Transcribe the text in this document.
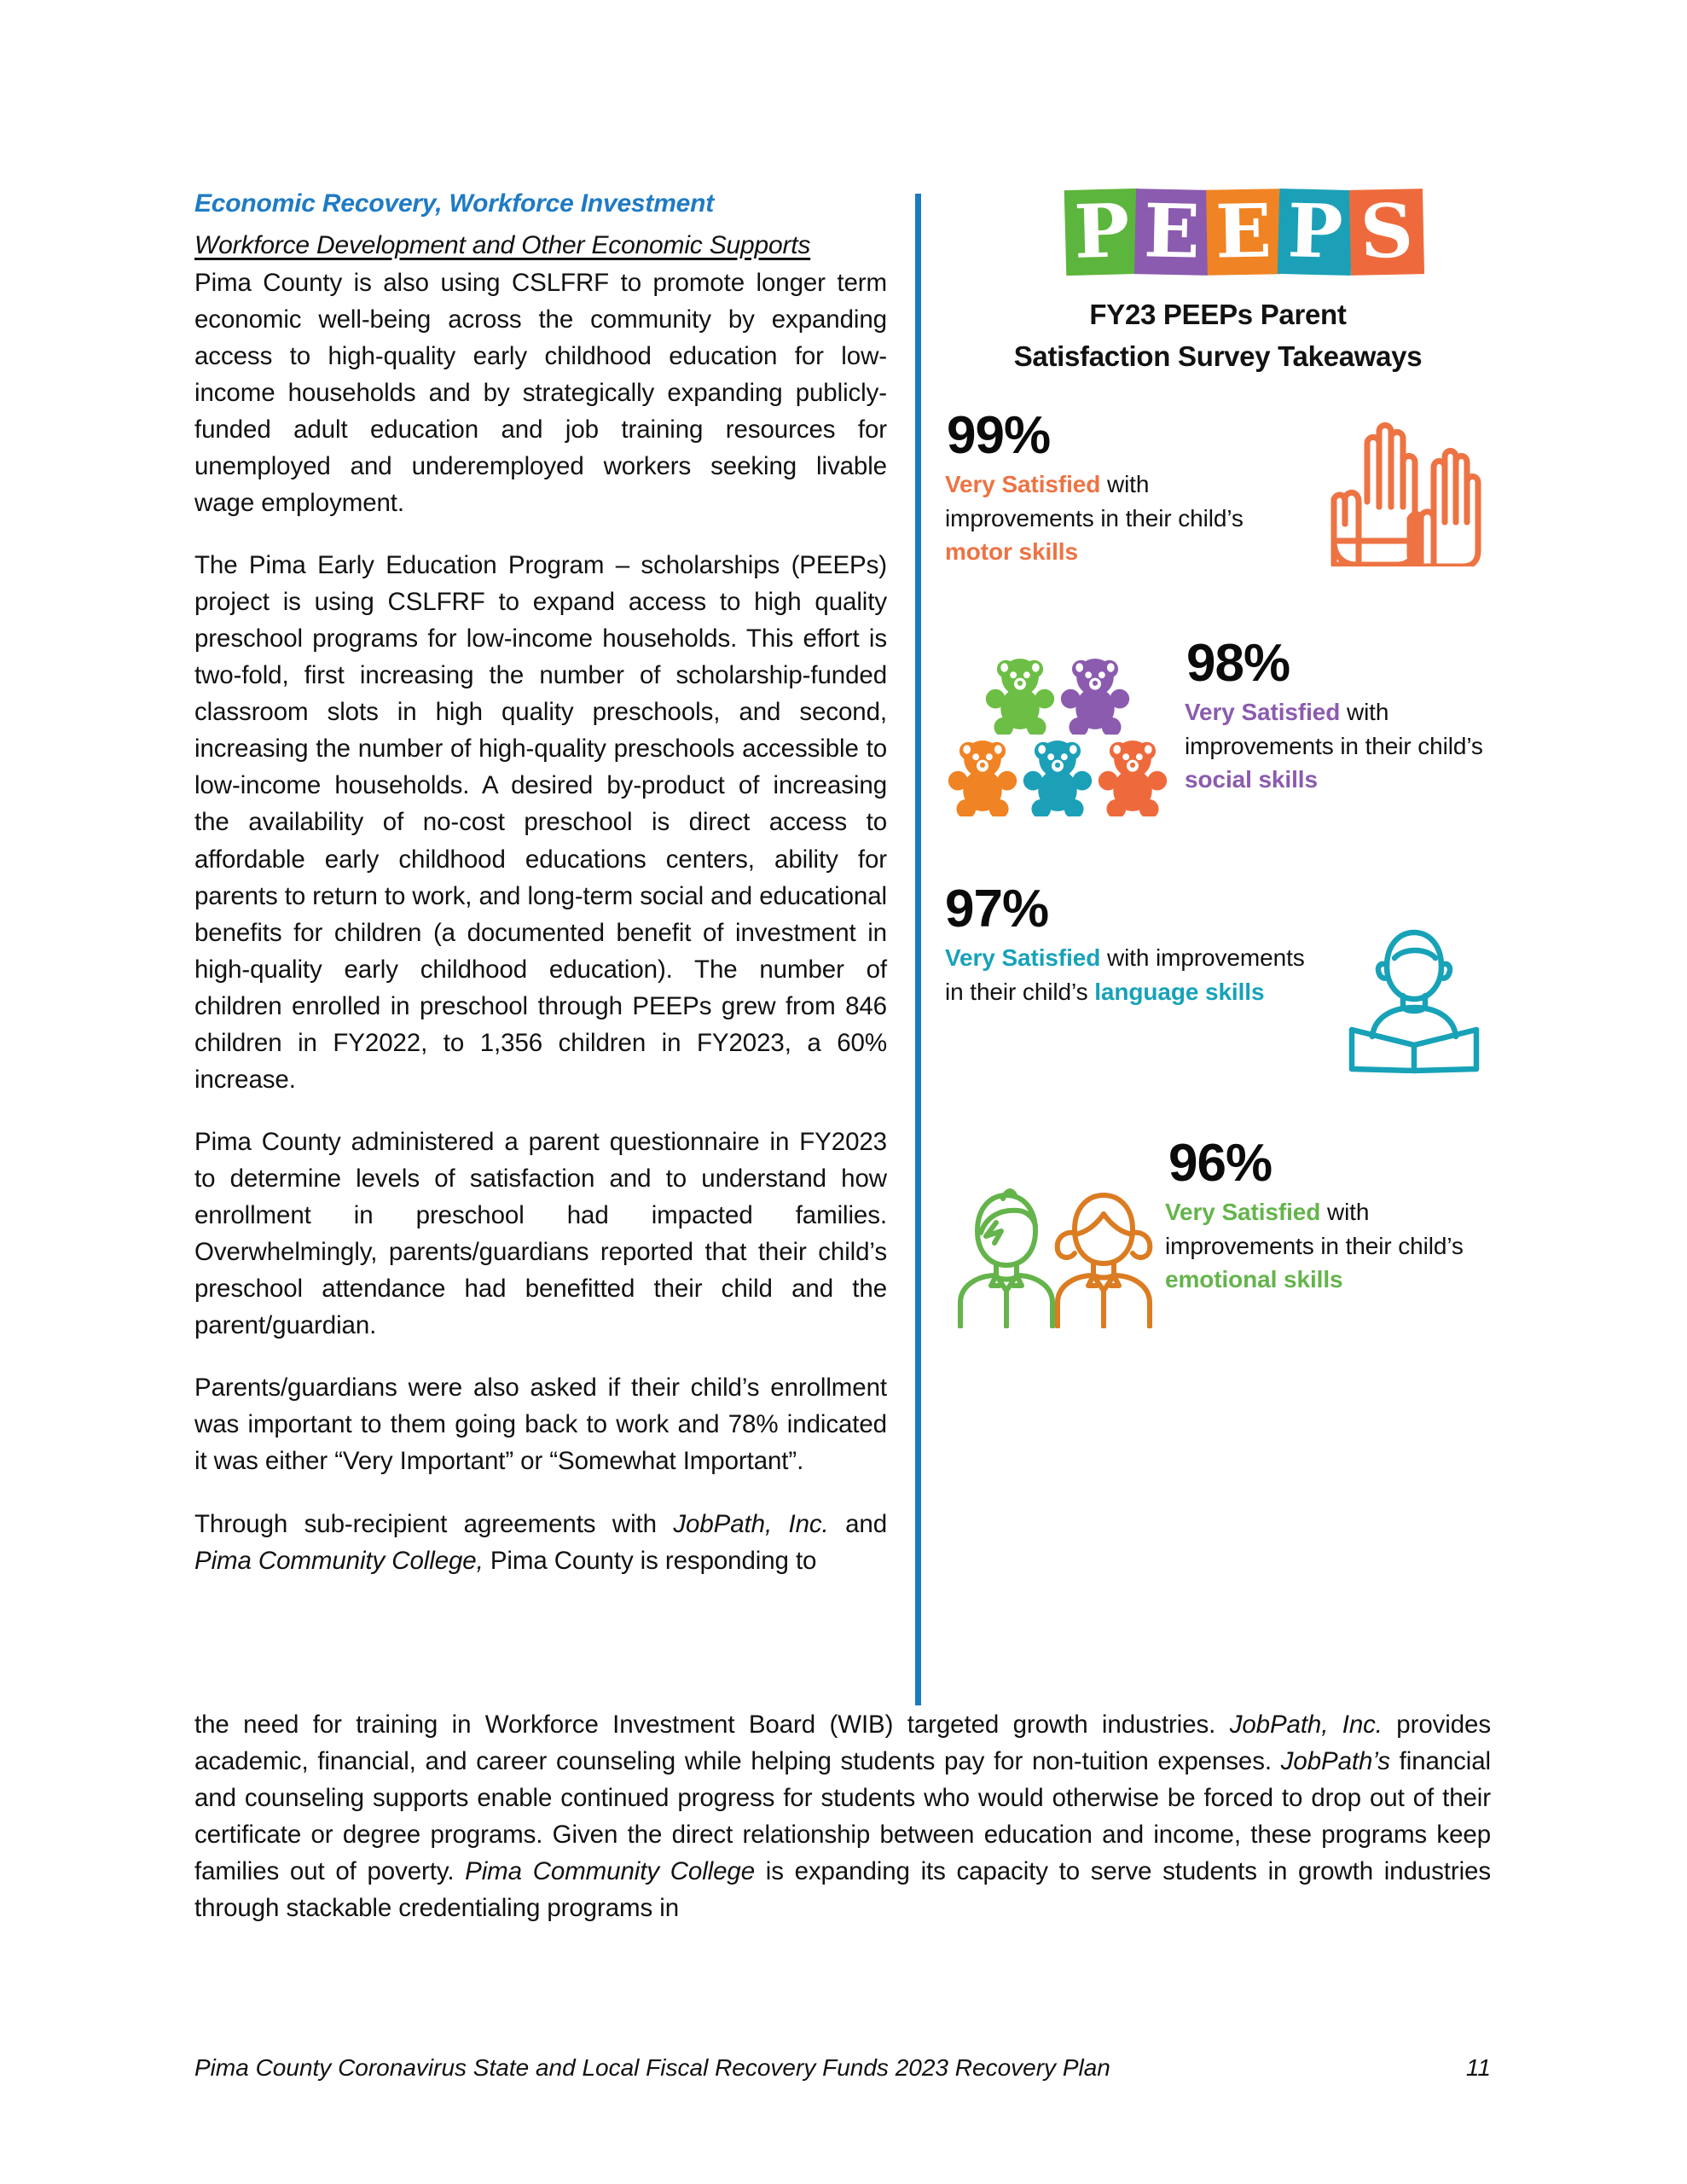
Economic Recovery, Workforce Investment
Workforce Development and Other Economic Supports

Pima County is also using CSLFRF to promote longer term economic well-being across the community by expanding access to high-quality early childhood education for low-income households and by strategically expanding publicly-funded adult education and job training resources for unemployed and underemployed workers seeking livable wage employment.

The Pima Early Education Program – scholarships (PEEPs) project is using CSLFRF to expand access to high quality preschool programs for low-income households. This effort is two-fold, first increasing the number of scholarship-funded classroom slots in high quality preschools, and second, increasing the number of high-quality preschools accessible to low-income households. A desired by-product of increasing the availability of no-cost preschool is direct access to affordable early childhood educations centers, ability for parents to return to work, and long-term social and educational benefits for children (a documented benefit of investment in high-quality early childhood education). The number of children enrolled in preschool through PEEPs grew from 846 children in FY2022, to 1,356 children in FY2023, a 60% increase.

Pima County administered a parent questionnaire in FY2023 to determine levels of satisfaction and to understand how enrollment in preschool had impacted families. Overwhelmingly, parents/guardians reported that their child’s preschool attendance had benefitted their child and the parent/guardian.

Parents/guardians were also asked if their child’s enrollment was important to them going back to work and 78% indicated it was either “Very Important” or “Somewhat Important”.

Through sub-recipient agreements with JobPath, Inc. and Pima Community College, Pima County is responding to

P E E P S
FY23 PEEPs Parent
Satisfaction Survey Takeaways
99%
Very Satisfied with improvements in their child’s motor skills
98%
Very Satisfied with improvements in their child’s social skills
97%
Very Satisfied with improvements in their child’s language skills
96%
Very Satisfied with improvements in their child’s emotional skills

the need for training in Workforce Investment Board (WIB) targeted growth industries. JobPath, Inc. provides academic, financial, and career counseling while helping students pay for non-tuition expenses. JobPath’s financial and counseling supports enable continued progress for students who would otherwise be forced to drop out of their certificate or degree programs. Given the direct relationship between education and income, these programs keep families out of poverty. Pima Community College is expanding its capacity to serve students in growth industries through stackable credentialing programs in

Pima County Coronavirus State and Local Fiscal Recovery Funds 2023 Recovery Plan	11
